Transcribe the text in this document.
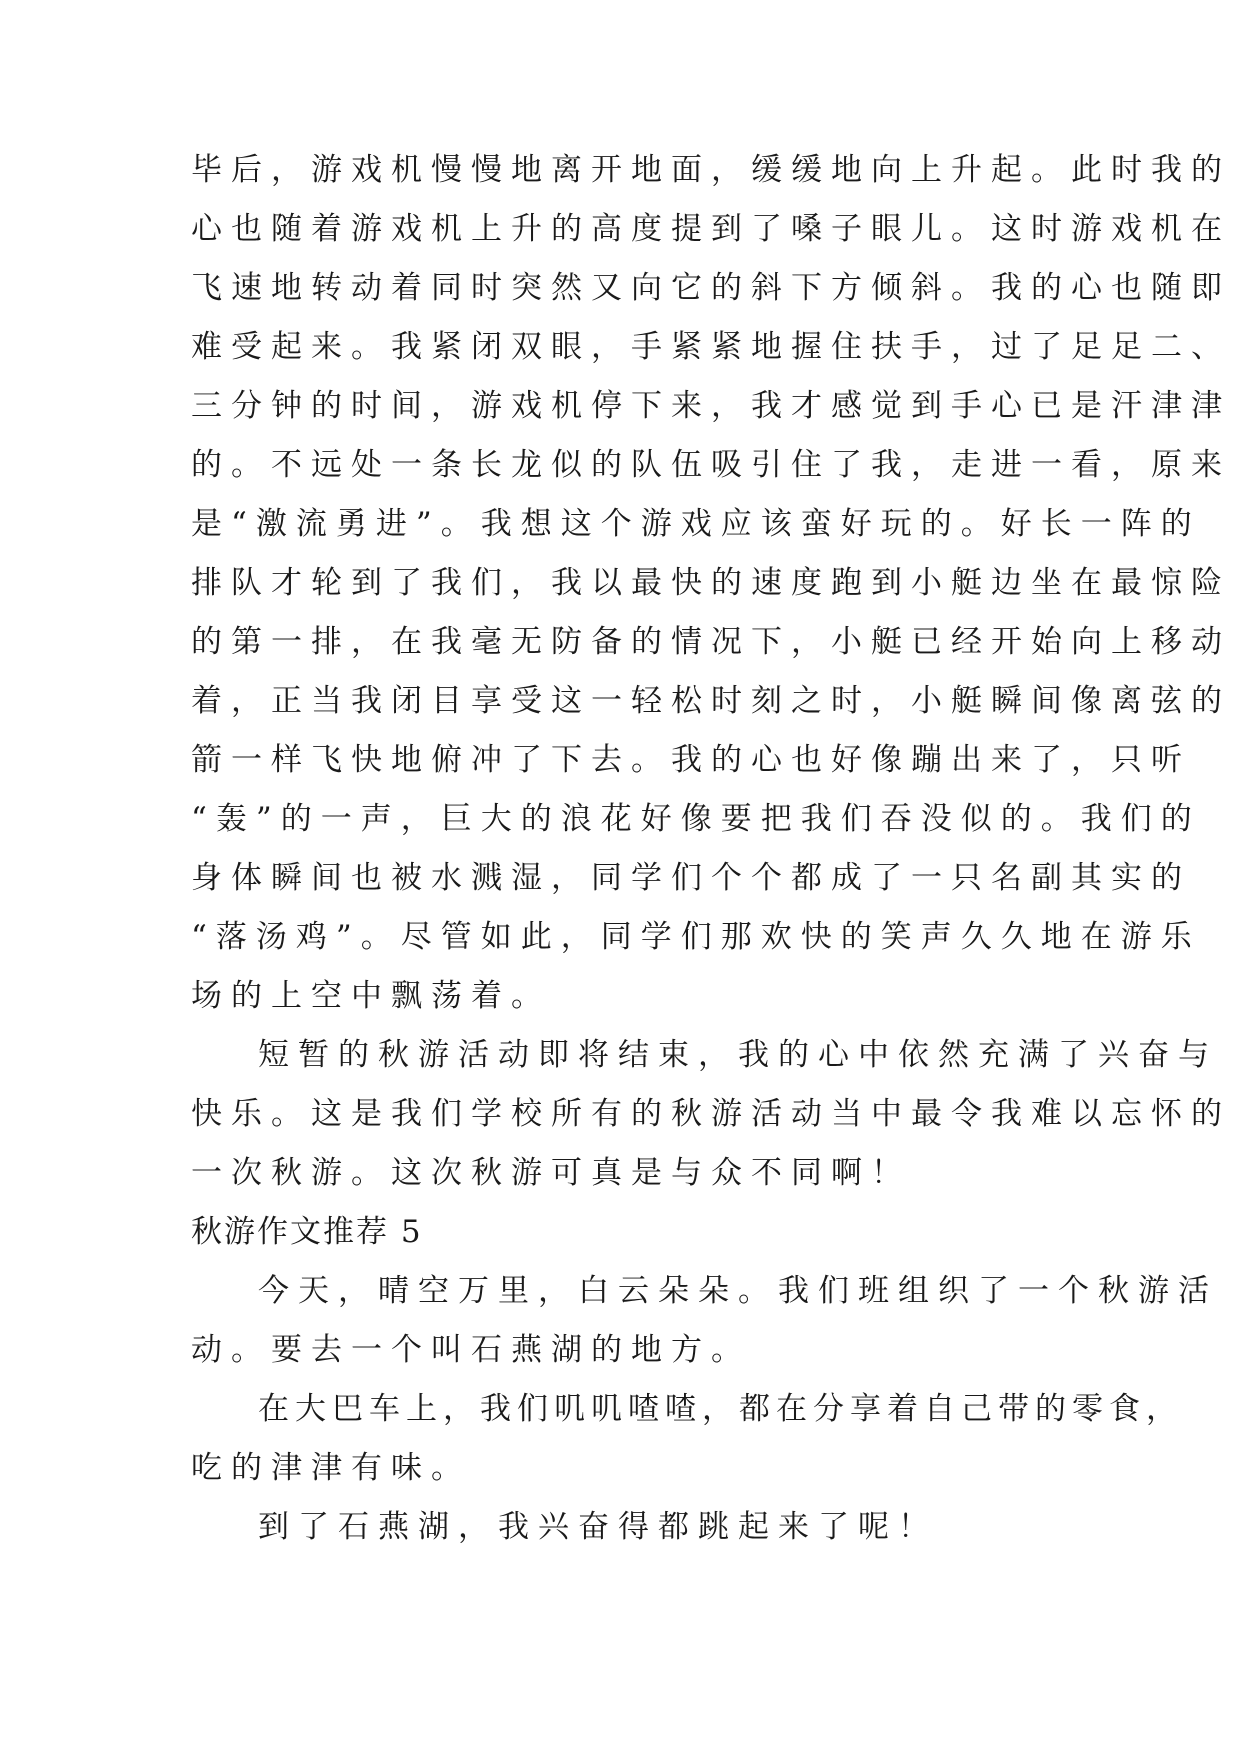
毕后，游戏机慢慢地离开地面，缓缓地向上升起。此时我的
心也随着游戏机上升的高度提到了嗓子眼儿。这时游戏机在
飞速地转动着同时突然又向它的斜下方倾斜。我的心也随即
难受起来。我紧闭双眼，手紧紧地握住扶手，过了足足二、
三分钟的时间，游戏机停下来，我才感觉到手心已是汗津津
的。不远处一条长龙似的队伍吸引住了我，走进一看，原来
是“激流勇进”。我想这个游戏应该蛮好玩的。好长一阵的
排队才轮到了我们，我以最快的速度跑到小艇边坐在最惊险
的第一排，在我毫无防备的情况下，小艇已经开始向上移动
着，正当我闭目享受这一轻松时刻之时，小艇瞬间像离弦的
箭一样飞快地俯冲了下去。我的心也好像蹦出来了，只听
“轰”的一声，巨大的浪花好像要把我们吞没似的。我们的
身体瞬间也被水溅湿，同学们个个都成了一只名副其实的
“落汤鸡”。尽管如此，同学们那欢快的笑声久久地在游乐
场的上空中飘荡着。
短暂的秋游活动即将结束，我的心中依然充满了兴奋与
快乐。这是我们学校所有的秋游活动当中最令我难以忘怀的
一次秋游。这次秋游可真是与众不同啊！
秋游作文推荐 5
今天，晴空万里，白云朵朵。我们班组织了一个秋游活
动。要去一个叫石燕湖的地方。
在大巴车上，我们叽叽喳喳，都在分享着自己带的零食，
吃的津津有味。
到了石燕湖，我兴奋得都跳起来了呢！
